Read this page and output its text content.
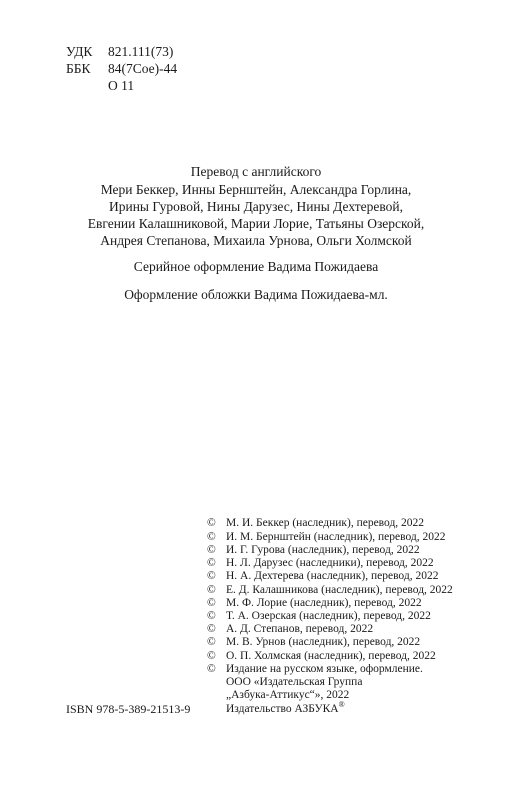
УДК 821.111(73)
ББК 84(7Сое)-44
О 11
Перевод с английского
Мери Беккер, Инны Бернштейн, Александра Горлина,
Ирины Гуровой, Нины Дарузес, Нины Дехтеревой,
Евгении Калашниковой, Марии Лорие, Татьяны Озерской,
Андрея Степанова, Михаила Урнова, Ольги Холмской
Серийное оформление Вадима Пожидаева
Оформление обложки Вадима Пожидаева-мл.
© М. И. Беккер (наследник), перевод, 2022
© И. М. Бернштейн (наследник), перевод, 2022
© И. Г. Гурова (наследник), перевод, 2022
© Н. Л. Дарузес (наследники), перевод, 2022
© Н. А. Дехтерева (наследник), перевод, 2022
© Е. Д. Калашникова (наследник), перевод, 2022
© М. Ф. Лорие (наследник), перевод, 2022
© Т. А. Озерская (наследник), перевод, 2022
© А. Д. Степанов, перевод, 2022
© М. В. Урнов (наследник), перевод, 2022
© О. П. Холмская (наследник), перевод, 2022
© Издание на русском языке, оформление.
ООО «Издательская Группа
„Азбука-Аттикус“», 2022
Издательство АЗБУКА®
ISBN 978-5-389-21513-9
